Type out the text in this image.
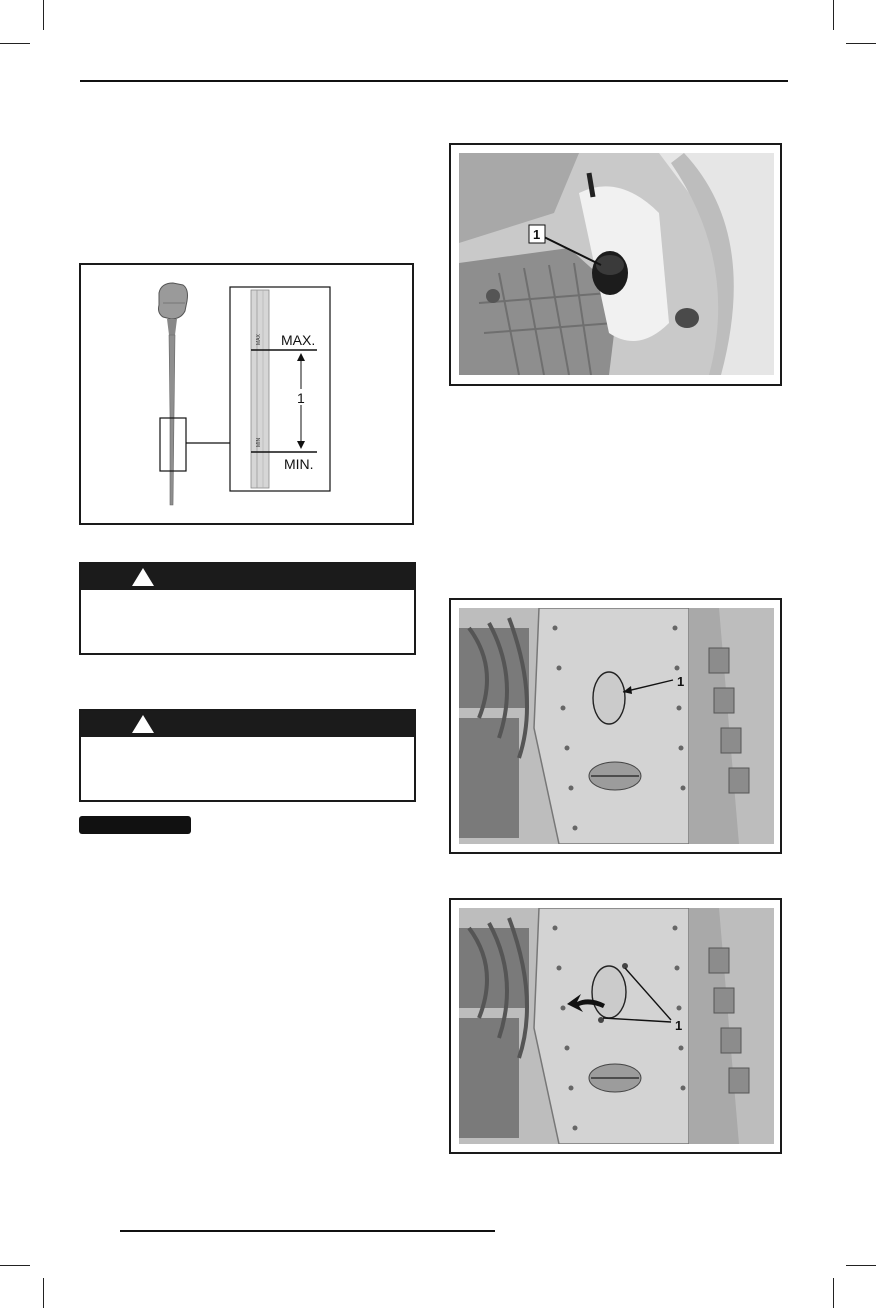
MAX
MIN
1
MAX.
MIN.
1
1
1
